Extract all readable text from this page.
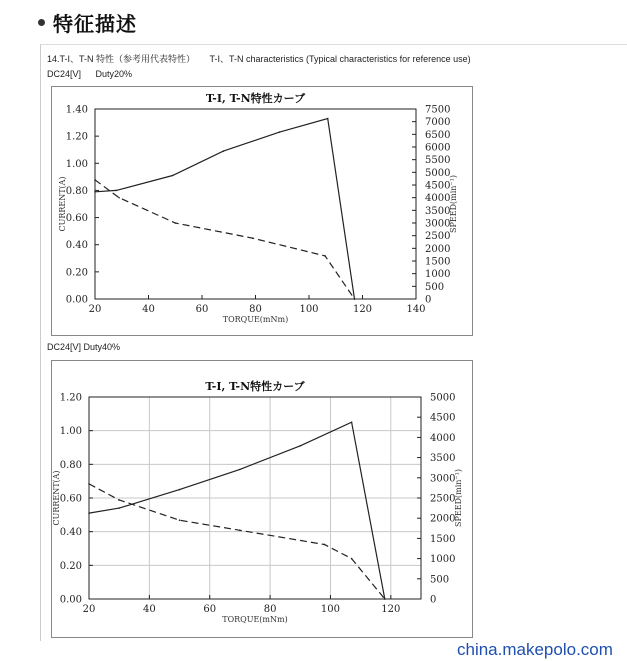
特征描述
14.T-I、T-N 特性（参考用代表特性） T-I、T-N characteristics (Typical characteristics for reference use)
DC24[V] Duty20%
T-I, T-N特性カーブ
20	40	60	80	100	120	140
0.00
0.20
0.40
0.60
0.80
1.00
1.20
1.40
0
500
1000
1500
2000
2500
3000
3500
4000
4500
5000
5500
6000
6500
7000
7500
TORQUE(mNm)
CURRENT(A)	SPEED(min⁻¹)
DC24[V] Duty40%
T-I, T-N特性カーブ
20	40	60	80	100	120
0.00
0.20
0.40
0.60
0.80
1.00
1.20
0
500
1000
1500
2000
2500
3000
3500
4000
4500
5000
TORQUE(mNm)
CURRENT(A)	SPEED(min⁻¹)
china.makepolo.com
